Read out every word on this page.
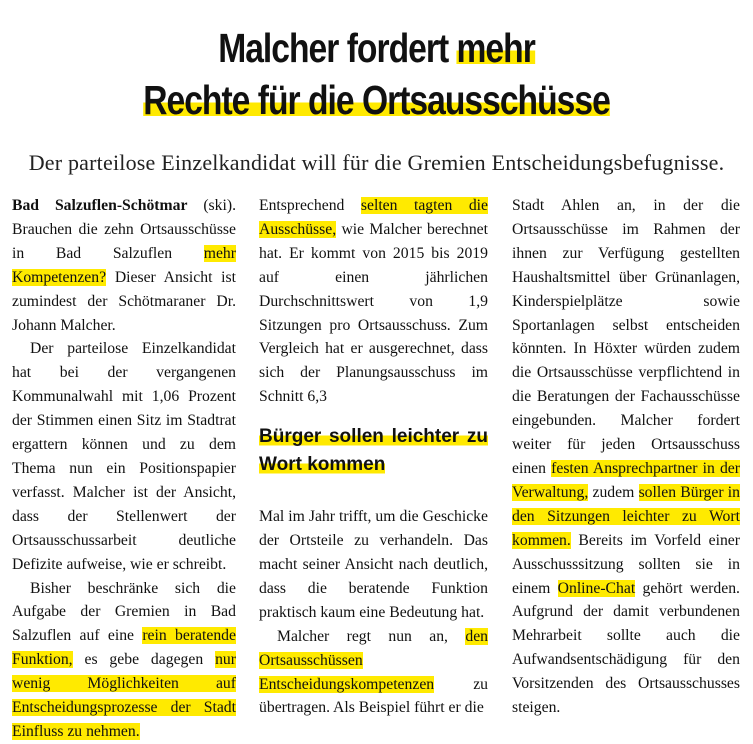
Malcher fordert mehr
Rechte für die Ortsausschüsse
Der parteilose Einzelkandidat will für die Gremien Entscheidungsbefugnisse.

Bad Salzuflen-Schötmar (ski). Brauchen die zehn Ortsausschüsse in Bad Salzuflen mehr Kompetenzen? Dieser Ansicht ist zumindest der Schötmaraner Dr. Johann Malcher.

Der parteilose Einzelkandidat hat bei der vergangenen Kommunalwahl mit 1,06 Prozent der Stimmen einen Sitz im Stadtrat ergattern können und zu dem Thema nun ein Positionspapier verfasst. Malcher ist der Ansicht, dass der Stellenwert der Ortsausschussarbeit deutliche Defizite aufweise, wie er schreibt.

Bisher beschränke sich die Aufgabe der Gremien in Bad Salzuflen auf eine rein beratende Funktion, es gebe dagegen nur wenig Möglichkeiten auf Entscheidungsprozesse der Stadt Einfluss zu nehmen.

Entsprechend selten tagten die Ausschüsse, wie Malcher berechnet hat. Er kommt von 2015 bis 2019 auf einen jährlichen Durchschnittswert von 1,9 Sitzungen pro Ortsausschuss. Zum Vergleich hat er ausgerechnet, dass sich der Planungsausschuss im Schnitt 6,3

Bürger sollen leichter zu Wort kommen

Mal im Jahr trifft, um die Geschicke der Ortsteile zu verhandeln. Das macht seiner Ansicht nach deutlich, dass die beratende Funktion praktisch kaum eine Bedeutung hat.

Malcher regt nun an, den Ortsausschüssen Entscheidungskompetenzen zu übertragen. Als Beispiel führt er die

Stadt Ahlen an, in der die Ortsausschüsse im Rahmen der ihnen zur Verfügung gestellten Haushaltsmittel über Grünanlagen, Kinderspielplätze sowie Sportanlagen selbst entscheiden könnten. In Höxter würden zudem die Ortsausschüsse verpflichtend in die Beratungen der Fachausschüsse eingebunden. Malcher fordert weiter für jeden Ortsausschuss einen festen Ansprechpartner in der Verwaltung, zudem sollen Bürger in den Sitzungen leichter zu Wort kommen. Bereits im Vorfeld einer Ausschusssitzung sollten sie in einem Online-Chat gehört werden. Aufgrund der damit verbundenen Mehrarbeit sollte auch die Aufwandsentschädigung für den Vorsitzenden des Ortsausschusses steigen.
